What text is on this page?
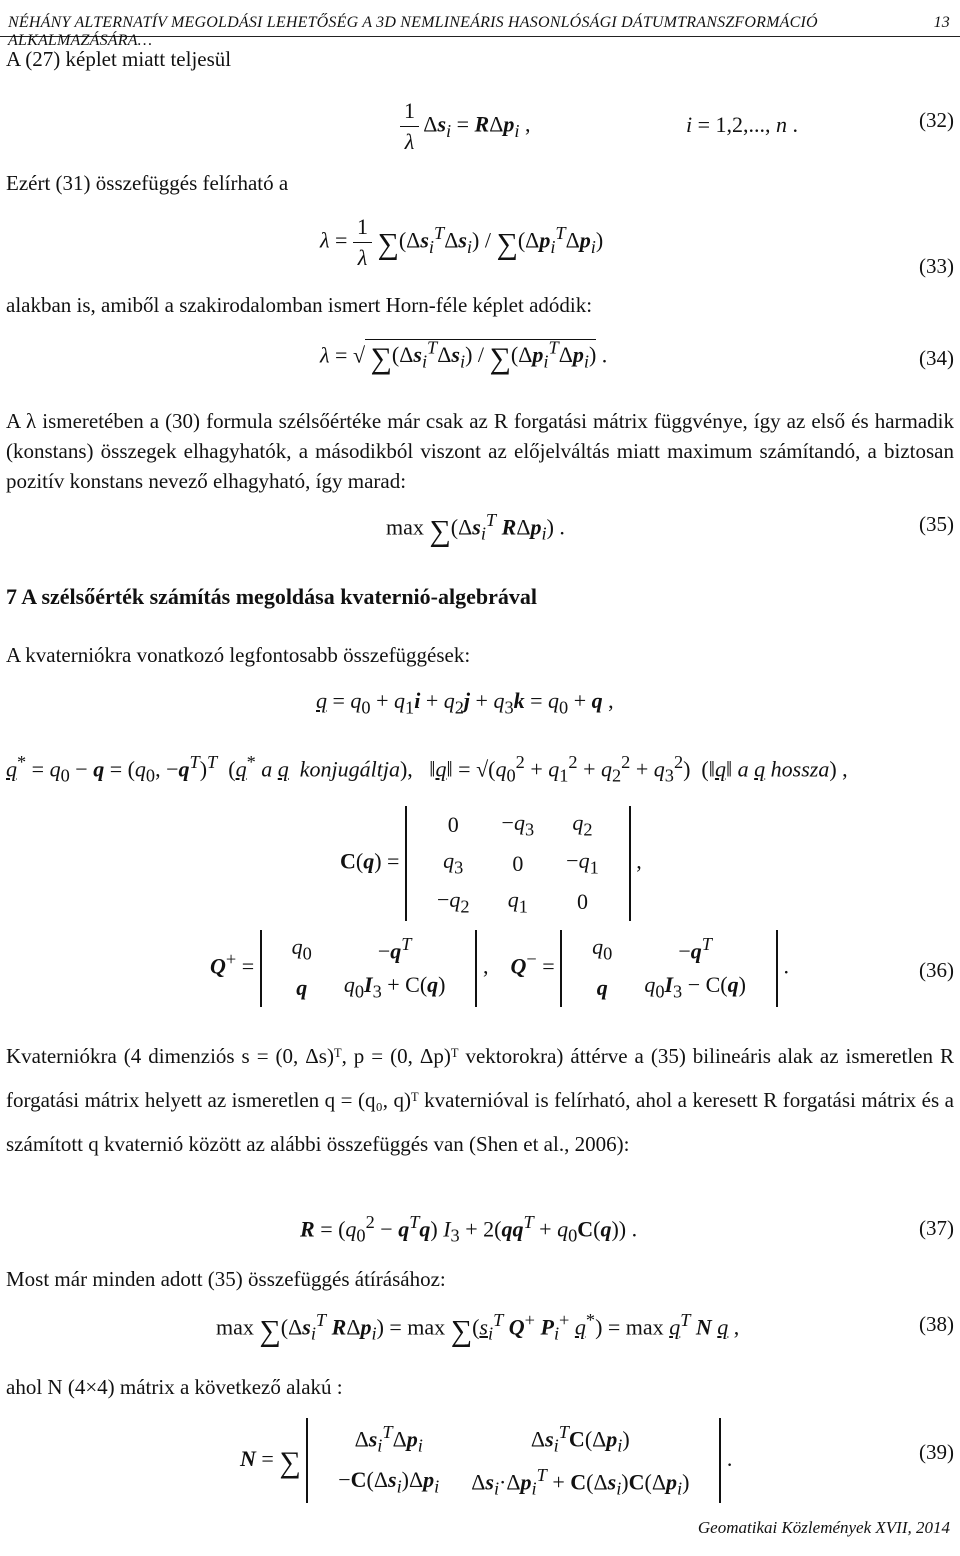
NÉHÁNY ALTERNATÍV MEGOLDÁSI LEHETŐSÉG A 3D NEMLINEÁRIS HASONLÓSÁGI DÁTUMTRANSZFORMÁCIÓ ALKALMAZÁSÁRA…
13

A (27) képlet miatt teljesül
$\frac{1}{\lambda} \Delta s_i = R\Delta p_i$ ,	i = 1,2,..., n .	(32)
Ezért (31) összefüggés felírható a
$\lambda = \frac{1}{\lambda} \sum(\Delta s_i^T\Delta s_i) / \sum(\Delta p_i^T\Delta p_i)$
(33)
alakban is, amiből a szakirodalomban ismert Horn-féle képlet adódik:
λ = √ $\sum(\Delta s_i^T\Delta s_i) / \sum(\Delta p_i^T\Delta p_i)$ .	(34)
A λ ismeretében a (30) formula szélsőértéke már csak az R forgatási mátrix függvénye, így az első és harmadik (konstans) összegek elhagyhatók, a másodikból viszont az előjelváltás miatt maximum számítandó, a biztosan pozitív konstans nevező elhagyható, így marad:
$\max \sum(\Delta s_i^T$ RΔp$_i$) .	(35)
7 A szélsőérték számítás megoldása kvaternió-algebrával
A kvaterniókra vonatkozó legfontosabb összefüggések:
$q = q_0 + q_1i + q_2j + q_3k = q_0 + q$ ,
$q^* = q_0 - q = (q_0$, $-q^T)^T$  (q* a q konjugáltja),   ‖q‖ = $√(q_0^2 + q_1^2 + q_2^2 + q_3^2)$  (‖q‖ a q hossza) ,
C(q) =
0	$-q_3$	$q_2$
$q_3$	0	$-q_1$
$-q_2$	$q_1$	0
,
Q+ =
$q_0$	$-q^T$
q	$q_0I_3 + C(q)$
,    Q− =
$q_0$	$-q^T$
q	$q_0I_3 - C(q)$
.	(36)
Kvaterniókra (4 dimenziós s = (0, Δs)ᵀ, p = (0, Δp)ᵀ vektorokra) áttérve a (35) bilineáris alak az ismeretlen R forgatási mátrix helyett az ismeretlen q = (q₀, q)ᵀ kvaternióval is felírható, ahol a keresett R forgatási mátrix és a számított q kvaternió között az alábbi összefüggés van (Shen et al., 2006):
$R = (q_0^2 - q^Tq) I_3 + 2(qq^T + q_0C(q))$ .	(37)
Most már minden adott (35) összefüggés átírásához:
$\max \sum(\Delta s_i^T$ $R\Delta p_i) = \max \sum(s_i^T$ Q+ $P_i^+$ $q^*) = \max q^T$ N q ,	(38)
ahol N (4×4) mátrix a következő alakú :
N = ∑
$\Delta s_i^T\Delta p_i$	$\Delta s_i^TC(\Delta p_i)$
$-C(\Delta s_i)\Delta p_i$	$\Delta s_i\cdot\Delta p_i^T + C(\Delta s_i)C(\Delta p_i)$
.	(39)
Geomatikai Közlemények XVII, 2014
